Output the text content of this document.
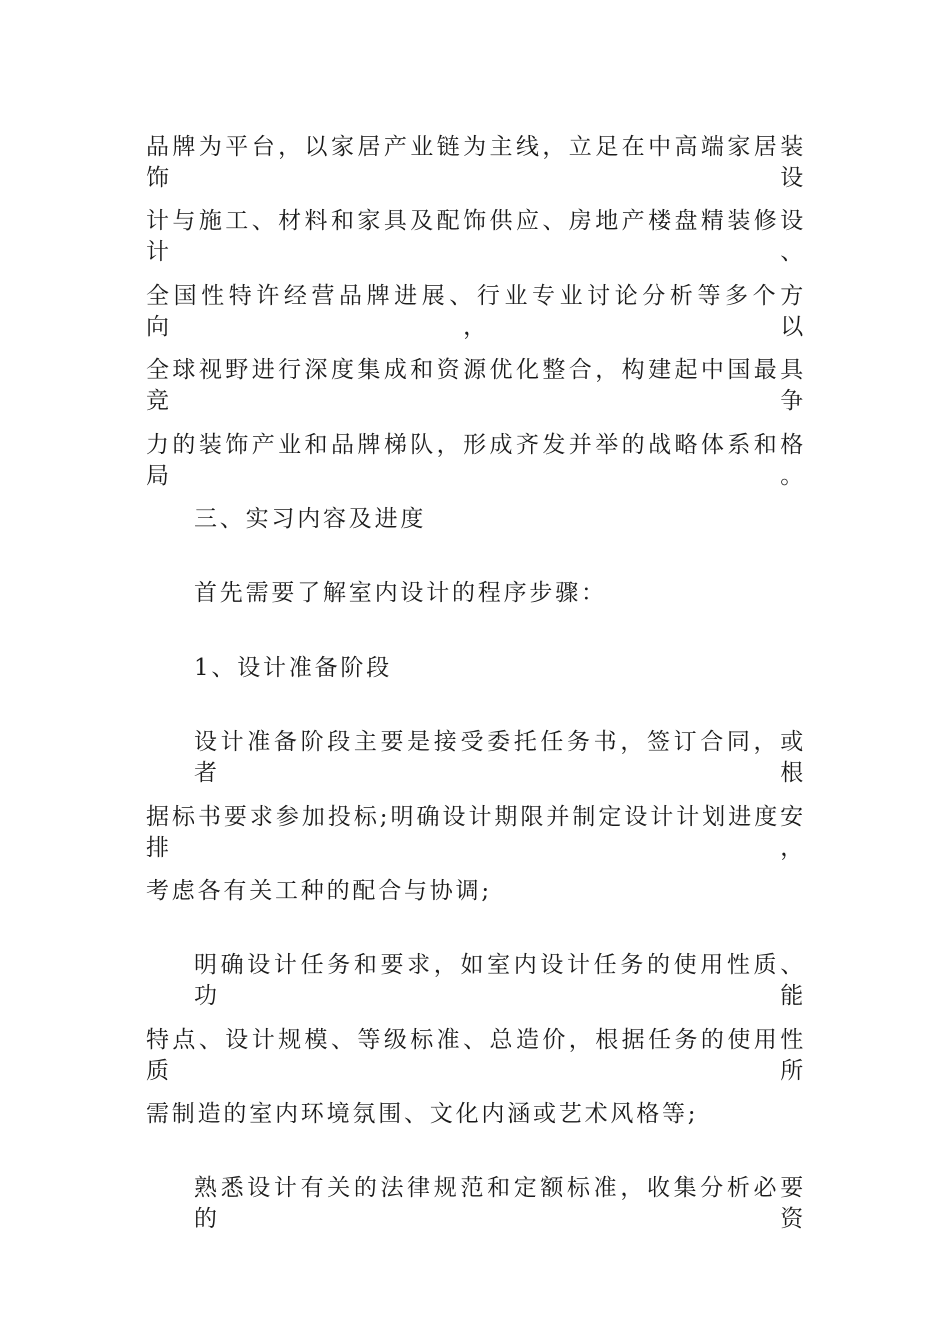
品牌为平台，以家居产业链为主线，立足在中高端家居装饰设
计与施工、材料和家具及配饰供应、房地产楼盘精装修设计、
全国性特许经营品牌进展、行业专业讨论分析等多个方向，以
全球视野进行深度集成和资源优化整合，构建起中国最具竞争
力的装饰产业和品牌梯队，形成齐发并举的战略体系和格局。
三、实习内容及进度
首先需要了解室内设计的程序步骤：
1、设计准备阶段
设计准备阶段主要是接受委托任务书，签订合同，或者根
据标书要求参加投标;明确设计期限并制定设计计划进度安排，
考虑各有关工种的配合与协调;
明确设计任务和要求，如室内设计任务的使用性质、功能
特点、设计规模、等级标准、总造价，根据任务的使用性质所
需制造的室内环境氛围、文化内涵或艺术风格等;
熟悉设计有关的法律规范和定额标准，收集分析必要的资
